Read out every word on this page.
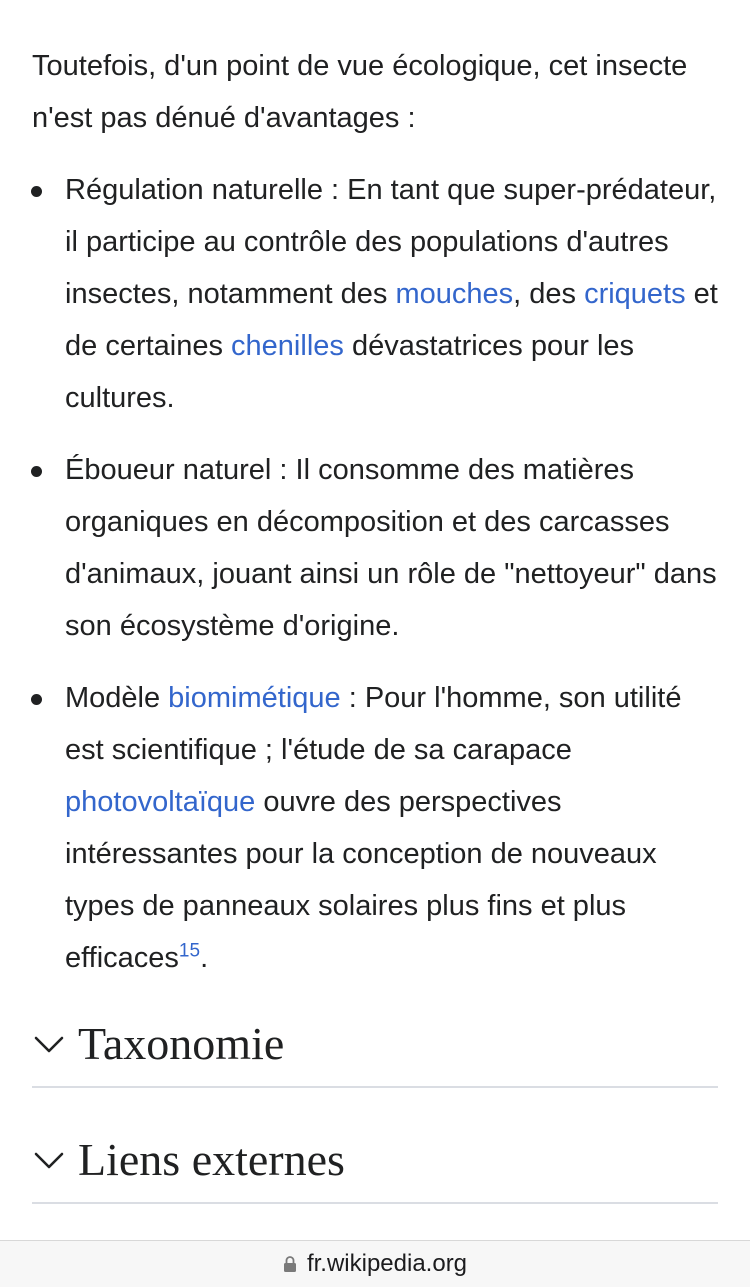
Toutefois, d'un point de vue écologique, cet insecte n'est pas dénué d'avantages :

Régulation naturelle : En tant que super-prédateur, il participe au contrôle des populations d'autres insectes, notamment des mouches, des criquets et de certaines chenilles dévastatrices pour les cultures.
Éboueur naturel : Il consomme des matières organiques en décomposition et des carcasses d'animaux, jouant ainsi un rôle de "nettoyeur" dans son écosystème d'origine.
Modèle biomimétique : Pour l'homme, son utilité est scientifique ; l'étude de sa carapace photovoltaïque ouvre des perspectives intéressantes pour la conception de nouveaux types de panneaux solaires plus fins et plus efficaces$^{15}$.
Taxonomie
Liens externes
fr.wikipedia.org
